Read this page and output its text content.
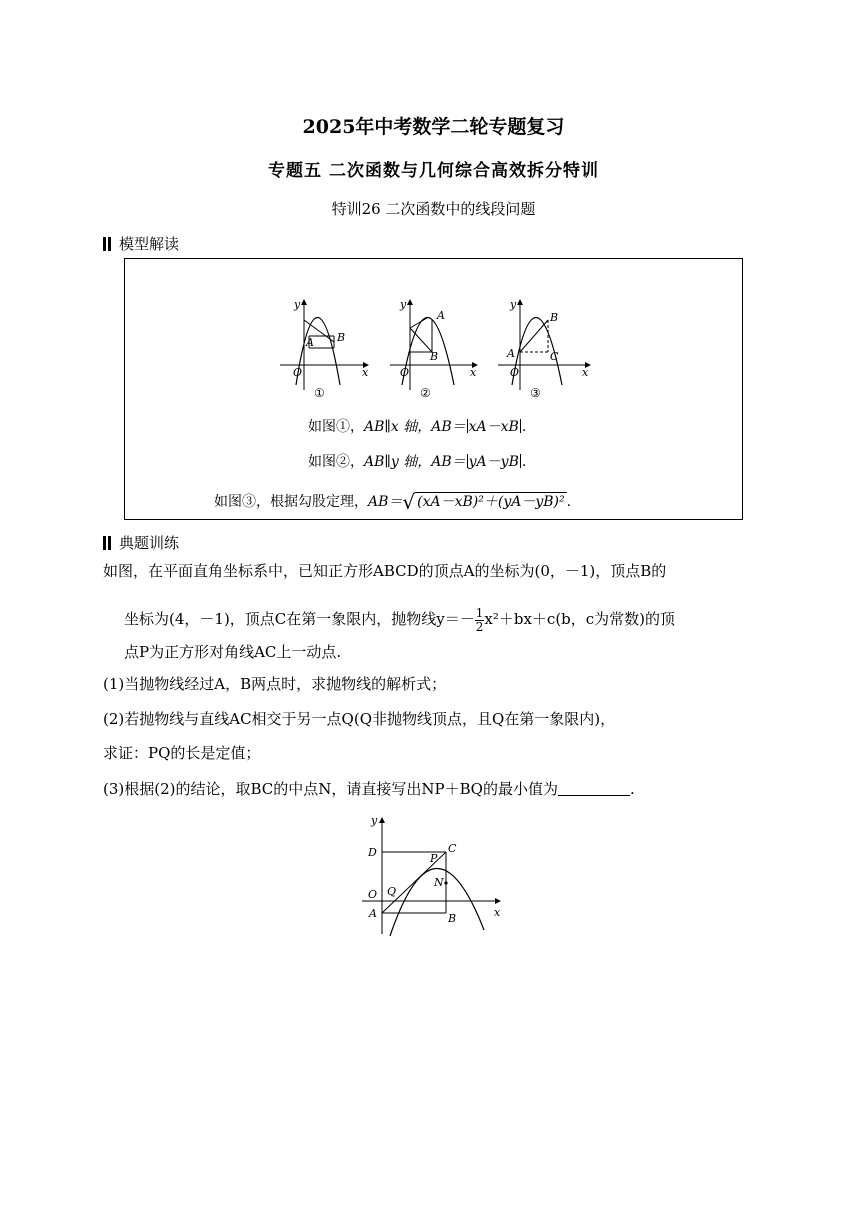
2025年中考数学二轮专题复习
专题五 二次函数与几何综合高效拆分特训
特训26 二次函数中的线段问题
模型解读
y
x
O
A B
①
y
x
O
A
B
②
y
x
O
A
B
C
③
如图①，AB∥x 轴，AB＝ xA－xB .
如图②，AB∥y 轴，AB＝ yA－yB .
如图③，根据勾股定理，AB＝√ (xA－xB)²＋(yA－yB)² .
典题训练
如图，在平面直角坐标系中，已知正方形ABCD的顶点A的坐标为(0，－1)，顶点B的
坐标为(4，－1)，顶点C在第一象限内，抛物线$y=- \frac{1}{2} x^2+bx+c(b$，c为常数)的顶
点P为正方形对角线AC上一动点.
(1)当抛物线经过A，B两点时，求抛物线的解析式；
(2)若抛物线与直线AC相交于另一点Q(Q非抛物线顶点，且Q在第一象限内)，
求证：PQ的长是定值；
(3)根据(2)的结论，取BC的中点N，请直接写出NP＋BQ的最小值为	.
y
x
D	C
P
O Q
N
A	B
